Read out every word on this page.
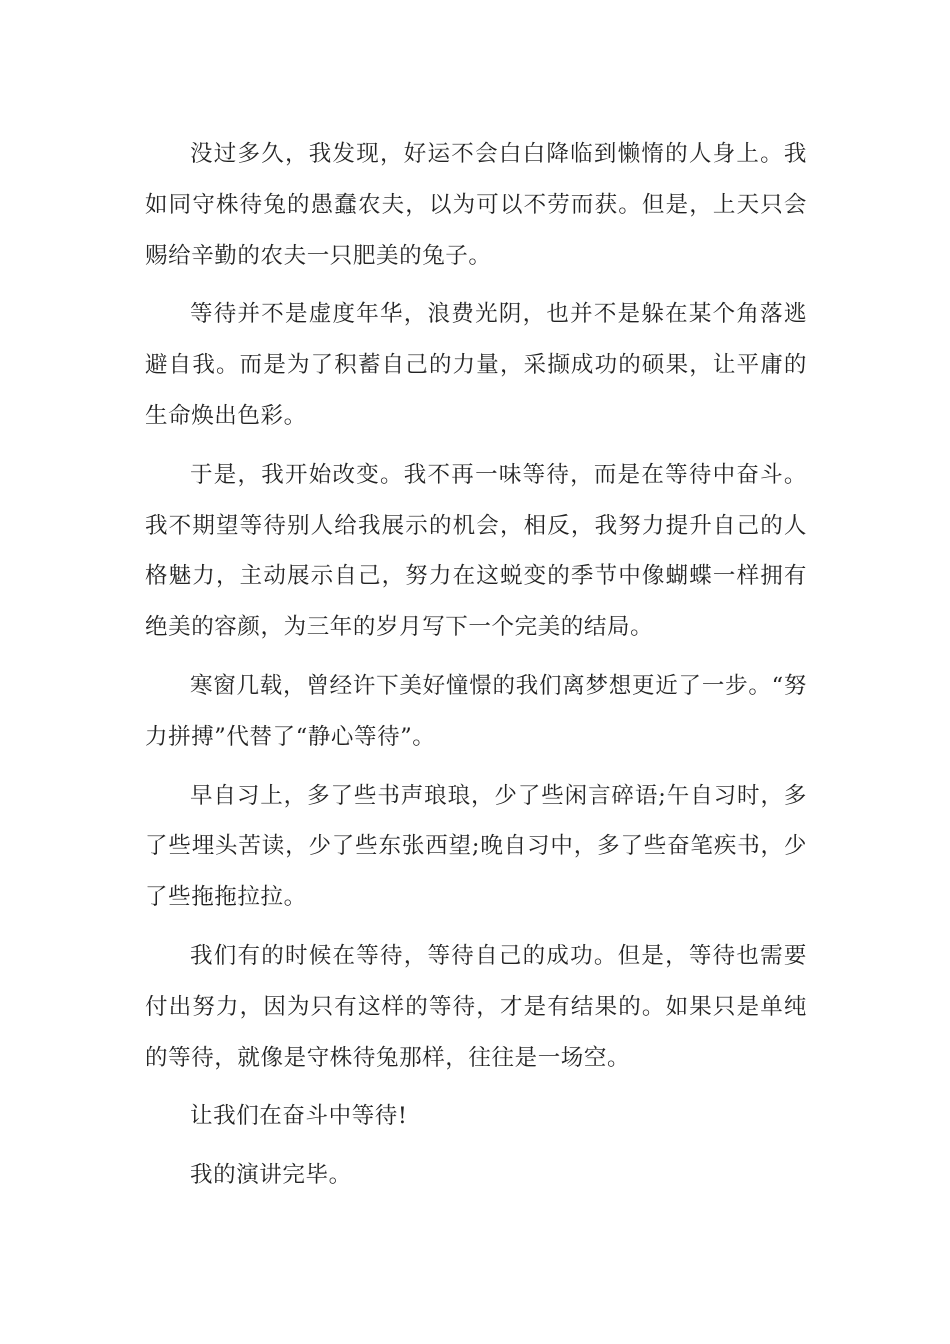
没过多久，我发现，好运不会白白降临到懒惰的人身上。我如同守株待兔的愚蠢农夫，以为可以不劳而获。但是，上天只会赐给辛勤的农夫一只肥美的兔子。

等待并不是虚度年华，浪费光阴，也并不是躲在某个角落逃避自我。而是为了积蓄自己的力量，采撷成功的硕果，让平庸的生命焕出色彩。

于是，我开始改变。我不再一味等待，而是在等待中奋斗。我不期望等待别人给我展示的机会，相反，我努力提升自己的人格魅力，主动展示自己，努力在这蜕变的季节中像蝴蝶一样拥有绝美的容颜，为三年的岁月写下一个完美的结局。

寒窗几载，曾经许下美好憧憬的我们离梦想更近了一步。“努力拼搏”代替了“静心等待”。

早自习上，多了些书声琅琅，少了些闲言碎语;午自习时，多了些埋头苦读，少了些东张西望;晚自习中，多了些奋笔疾书，少了些拖拖拉拉。

我们有的时候在等待，等待自己的成功。但是，等待也需要付出努力，因为只有这样的等待，才是有结果的。如果只是单纯的等待，就像是守株待兔那样，往往是一场空。

让我们在奋斗中等待!

我的演讲完毕。
